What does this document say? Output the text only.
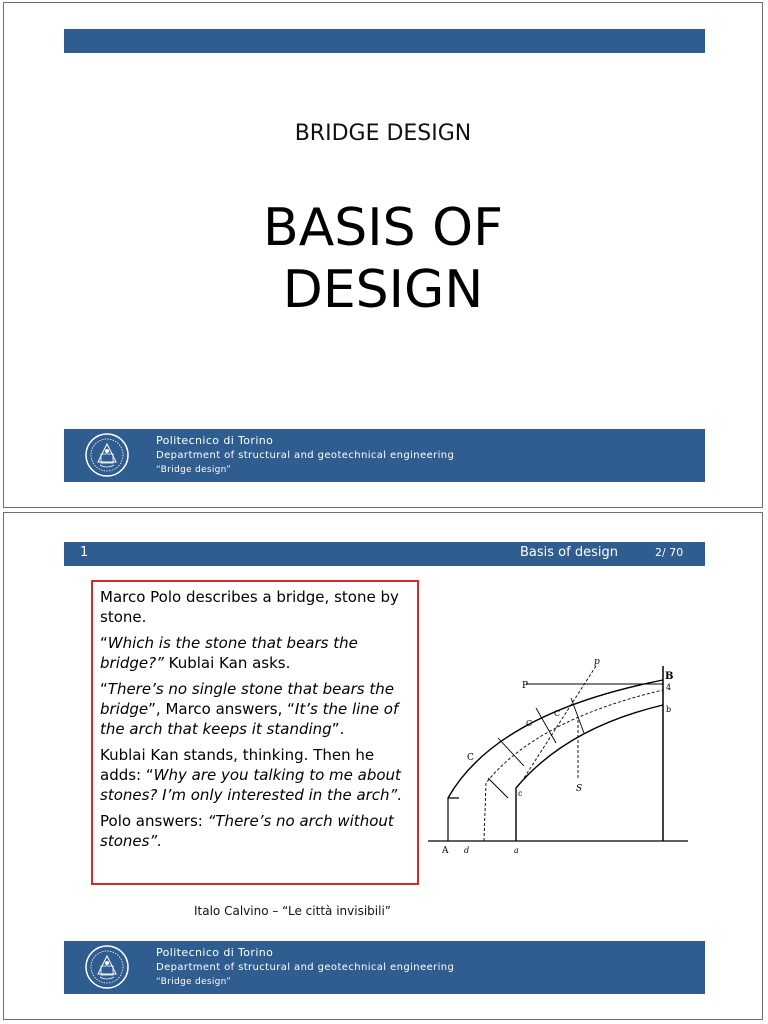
BRIDGE DESIGN
BASIS OF
DESIGN
Politecnico di Torino
Department of structural and geotechnical engineering
“Bridge design”
1	Basis of design	2/ 70

Marco Polo describes a bridge, stone by stone.

“Which is the stone that bears the bridge?” Kublai Kan asks.

“There’s no single stone that bears the bridge”, Marco answers, “It’s the line of the arch that keeps it standing”.

Kublai Kan stands, thinking. Then he adds: “Why are you talking to me about stones? I’m only interested in the arch”.

Polo answers: “There’s no arch without stones”.

P
p
B
4
b
C
C
C
c	S
A d	a
Italo Calvino – “Le città invisibili”
Politecnico di Torino
Department of structural and geotechnical engineering
“Bridge design”
